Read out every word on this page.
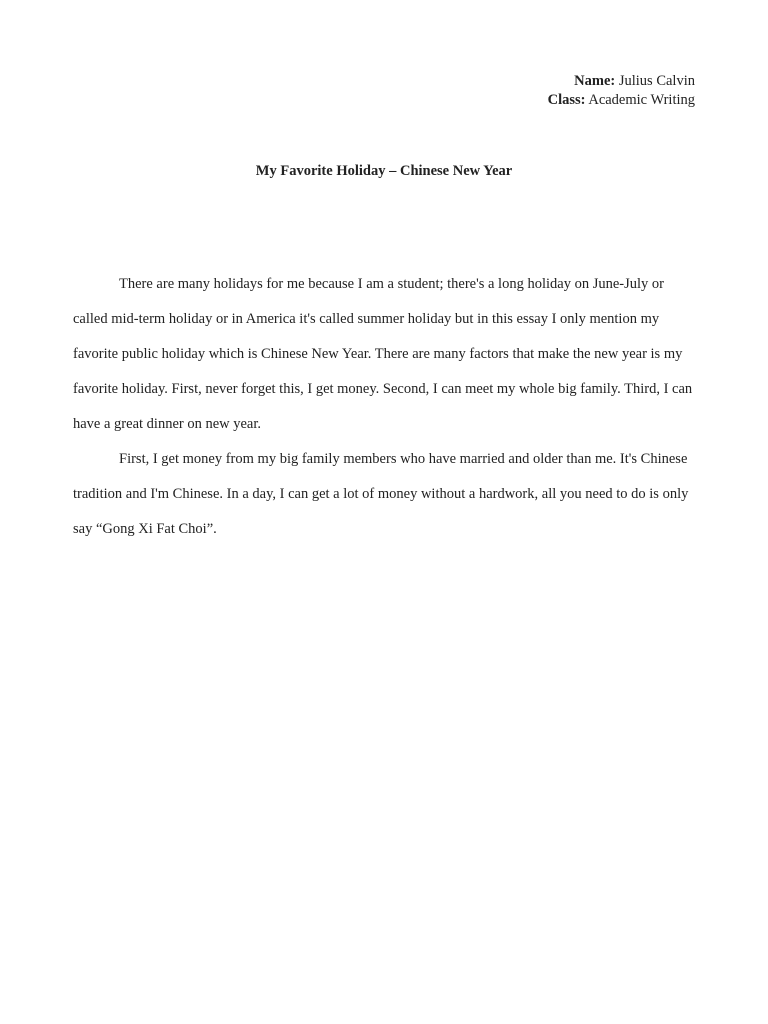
Name: Julius Calvin
Class: Academic Writing
My Favorite Holiday – Chinese New Year

There are many holidays for me because I am a student; there's a long holiday on June-July or called mid-term holiday or in America it's called summer holiday but in this essay I only mention my favorite public holiday which is Chinese New Year. There are many factors that make the new year is my favorite holiday. First, never forget this, I get money. Second, I can meet my whole big family. Third, I can have a great dinner on new year.

First, I get money from my big family members who have married and older than me. It's Chinese tradition and I'm Chinese. In a day, I can get a lot of money without a hardwork, all you need to do is only say “Gong Xi Fat Choi”.
